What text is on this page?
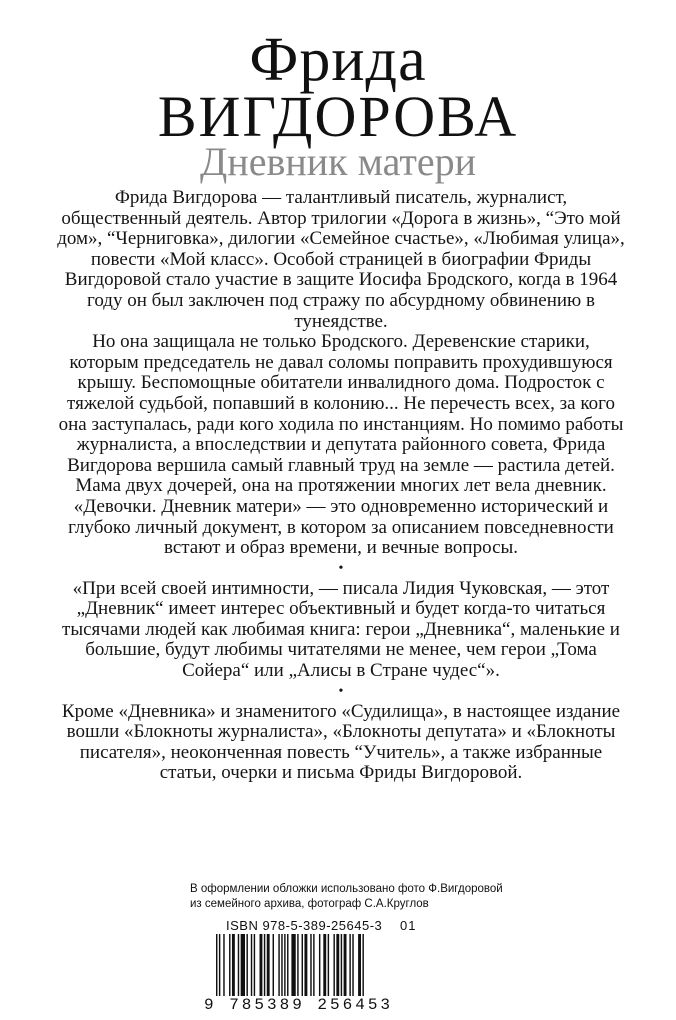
Фрида
ВИГДОРОВА
Дневник матери

Фрида Вигдорова — талантливый писатель, журналист, общественный деятель. Автор трилогии «Дорога в жизнь», “Это мой дом», “Черниговка», дилогии «Семейное счастье», «Любимая улица», повести «Мой класс». Особой страницей в биографии Фриды Вигдоровой стало участие в защите Иосифа Бродского, когда в 1964 году он был заключен под стражу по абсурдному обвинению в тунеядстве.

Но она защищала не только Бродского. Деревенские старики, которым председатель не давал соломы поправить прохудившуюся крышу. Беспомощные обитатели инвалидного дома. Подросток с тяжелой судьбой, попавший в колонию... Не перечесть всех, за кого она заступалась, ради кого ходила по инстанциям. Но помимо работы журналиста, а впоследствии и депутата районного совета, Фрида Вигдорова вершила самый главный труд на земле — растила детей. Мама двух дочерей, она на протяжении многих лет вела дневник. «Девочки. Дневник матери» — это одновременно исторический и глубоко личный документ, в котором за описанием повседневности встают и образ времени, и вечные вопросы.

•

«При всей своей интимности, — писала Лидия Чуковская, — этот „Дневник“ имеет интерес объективный и будет когда-то читаться тысячами людей как любимая книга: герои „Дневника“, маленькие и большие, будут любимы читателями не менее, чем герои „Тома Сойера“ или „Алисы в Стране чудес“».

•

Кроме «Дневника» и знаменитого «Судилища», в настоящее издание вошли «Блокноты журналиста», «Блокноты депутата» и «Блокноты писателя», неоконченная повесть “Учитель», а также избранные статьи, очерки и письма Фриды Вигдоровой.

В оформлении обложки использовано фото Ф.Вигдоровой
из семейного архива, фотограф С.А.Круглов
ISBN 978-5-389-25645-3 01
9 785389 256453
